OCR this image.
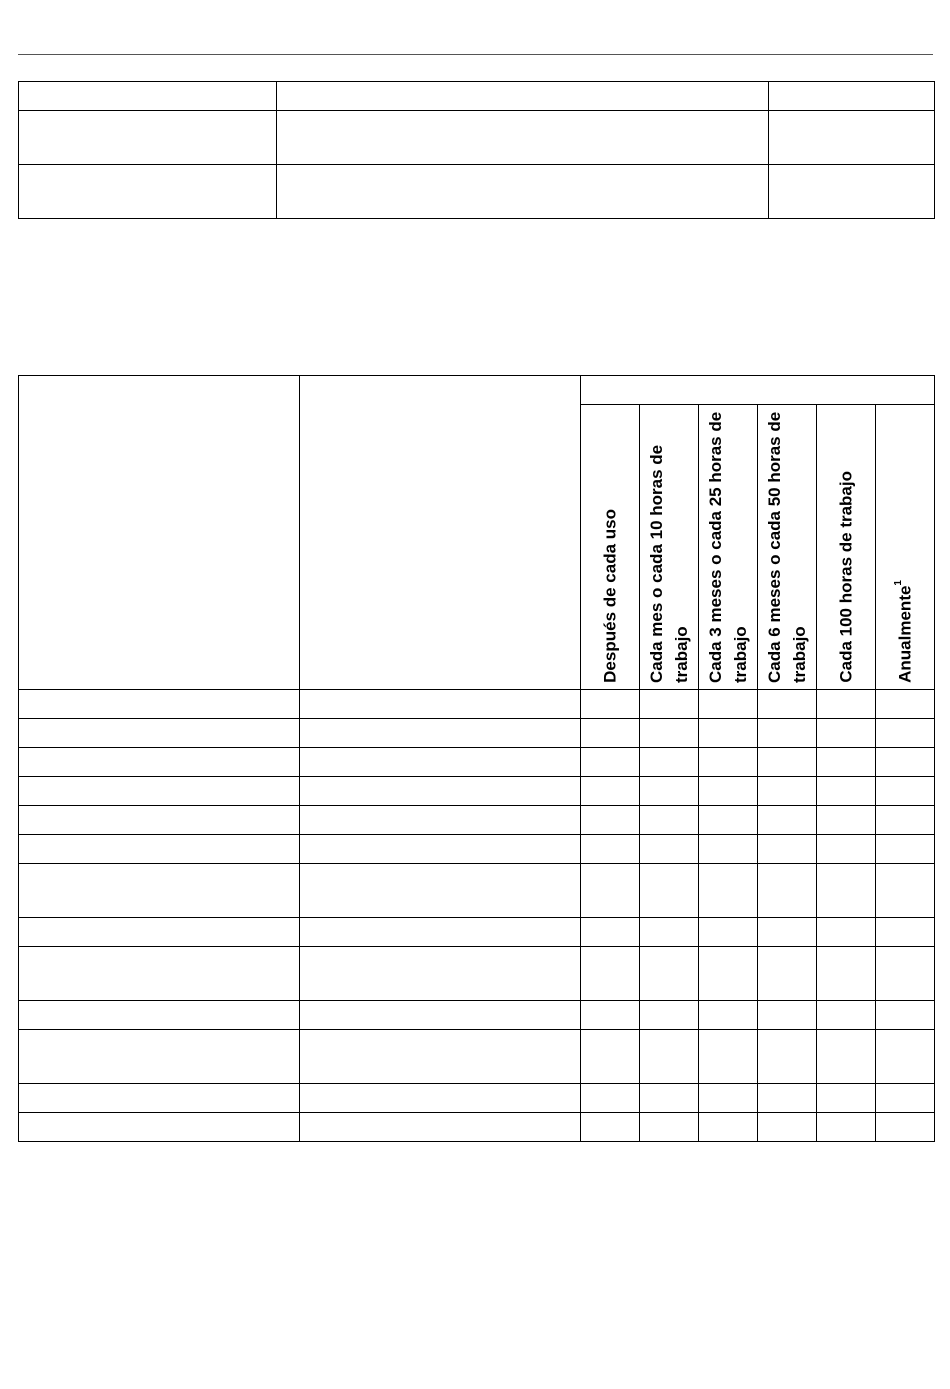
		Después de cada uso	Cada mes o cada 10 horas de trabajo	Cada 3 meses o cada 25 horas de trabajo	Cada 6 meses o cada 50 horas de trabajo	Cada 100 horas de trabajo	Anualmente$^1$
